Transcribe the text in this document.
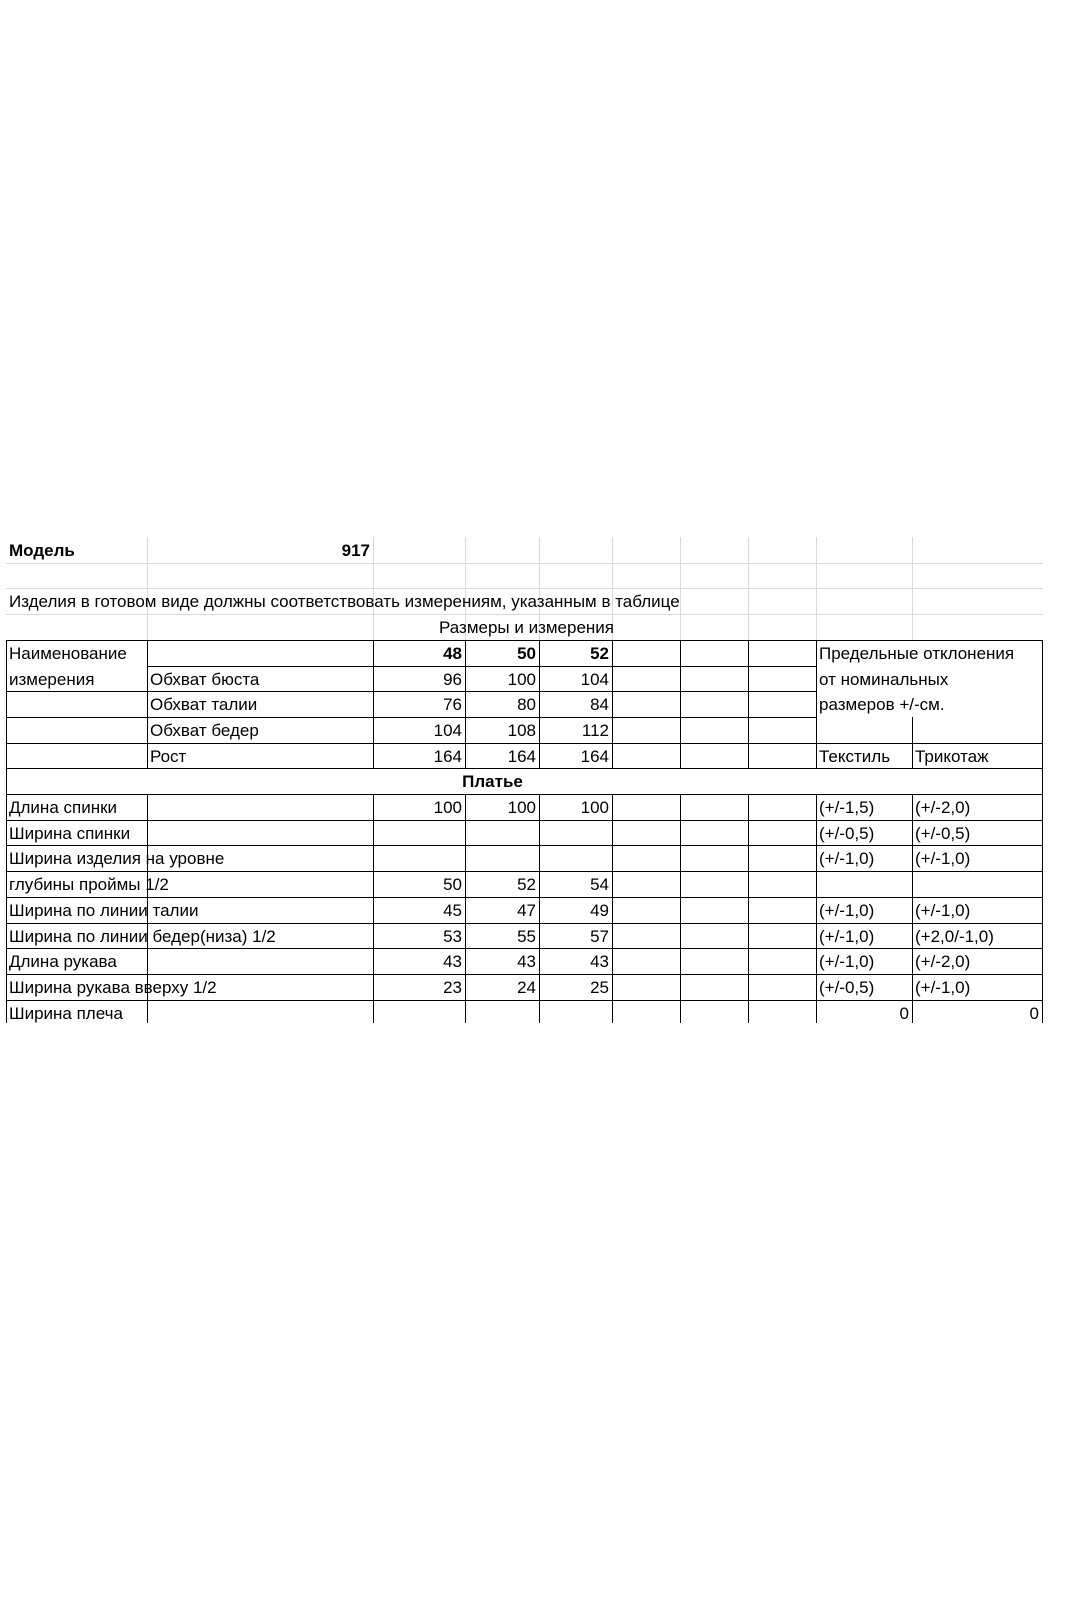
Модель	917
Изделия в готовом виде должны соответствовать измерениям, указанным в таблице
Размеры и измерения
Наименование
измерения
48	50	52	Предельные отклонения
от номинальных
размеров +/-см.
Текстиль	Трикотаж
Обхват бюста	96	100	104
Обхват талии	76	80	84
Обхват бедер	104	108	112
Рост	164	164	164
Платье
Длина спинки	100	100	100	(+/-1,5)	(+/-2,0)
Ширина спинки	(+/-0,5)	(+/-0,5)
Ширина изделия на уровне	(+/-1,0)	(+/-1,0)
глубины проймы 1/2	50	52	54
Ширина по линии талии	45	47	49	(+/-1,0)	(+/-1,0)
Ширина по линии бедер(низа) 1/2	53	55	57	(+/-1,0)	(+2,0/-1,0)
Длина рукава	43	43	43	(+/-1,0)	(+/-2,0)
Ширина рукава вверху 1/2	23	24	25	(+/-0,5)	(+/-1,0)
Ширина плеча	0	0
